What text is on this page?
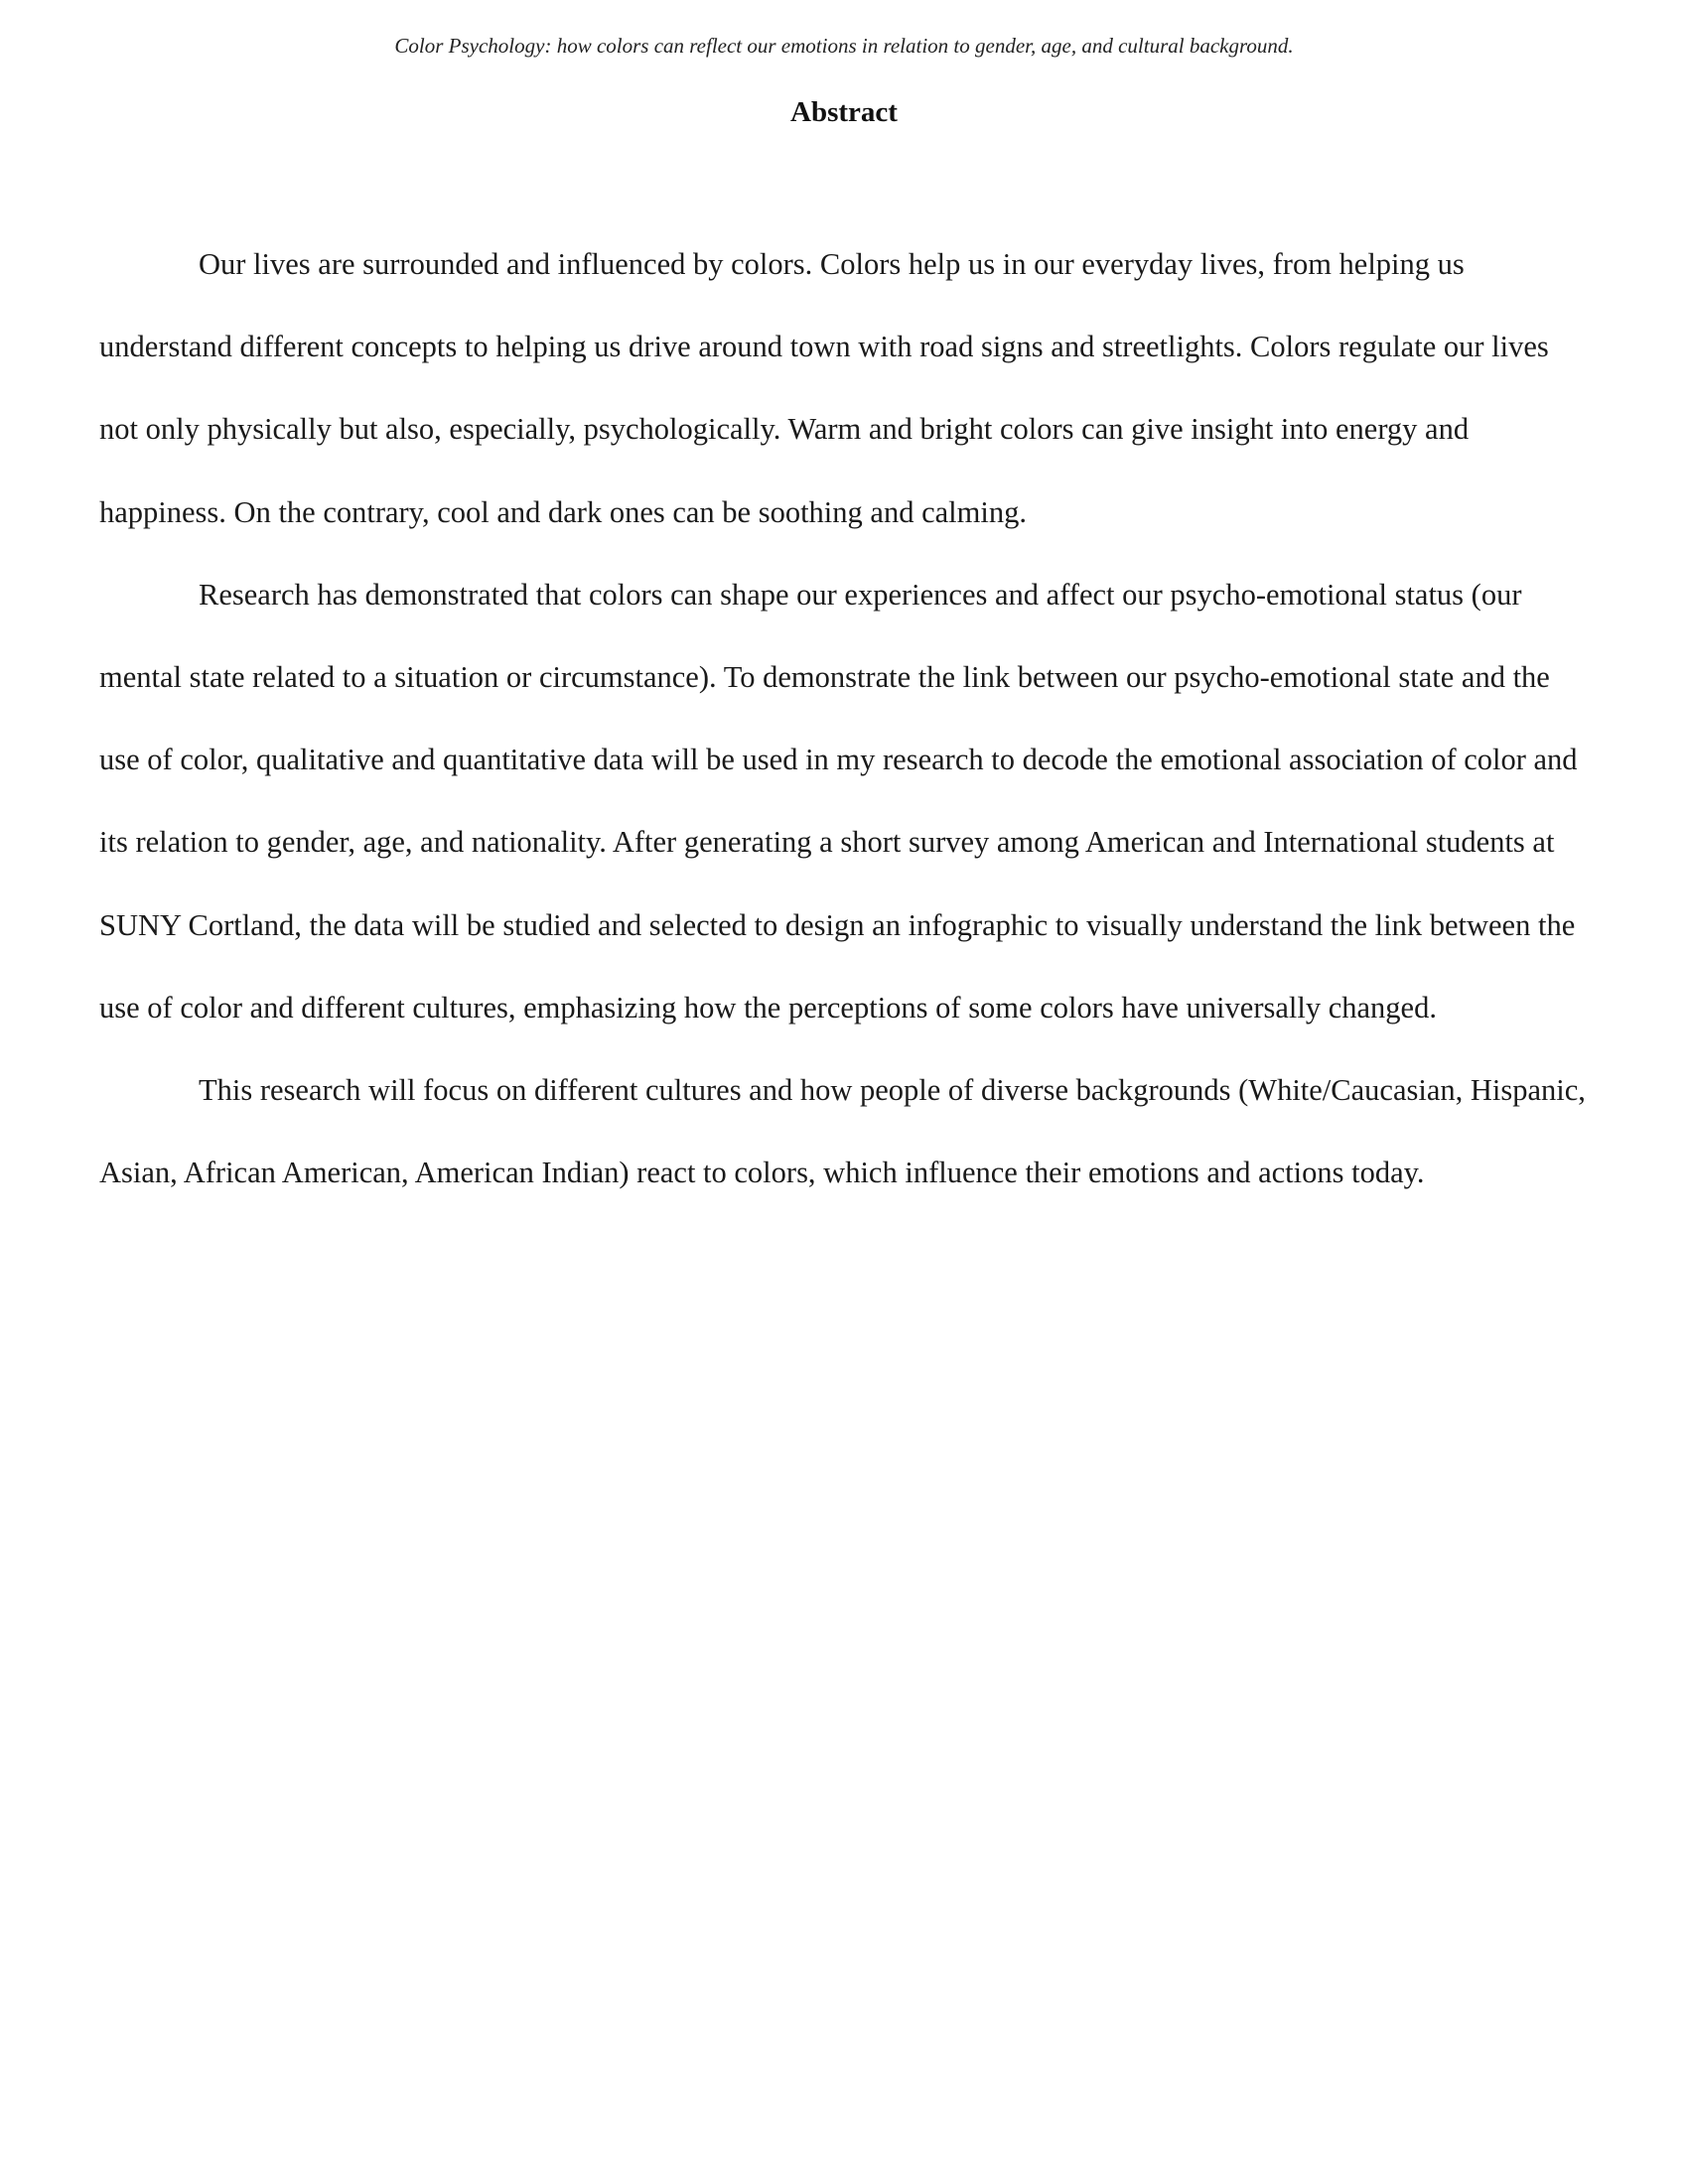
Color Psychology: how colors can reflect our emotions in relation to gender, age, and cultural background.
Abstract

Our lives are surrounded and influenced by colors. Colors help us in our everyday lives, from helping us understand different concepts to helping us drive around town with road signs and streetlights. Colors regulate our lives not only physically but also, especially, psychologically. Warm and bright colors can give insight into energy and happiness. On the contrary, cool and dark ones can be soothing and calming.

Research has demonstrated that colors can shape our experiences and affect our psycho-emotional status (our mental state related to a situation or circumstance). To demonstrate the link between our psycho-emotional state and the use of color, qualitative and quantitative data will be used in my research to decode the emotional association of color and its relation to gender, age, and nationality. After generating a short survey among American and International students at SUNY Cortland, the data will be studied and selected to design an infographic to visually understand the link between the use of color and different cultures, emphasizing how the perceptions of some colors have universally changed.

This research will focus on different cultures and how people of diverse backgrounds (White/Caucasian, Hispanic, Asian, African American, American Indian) react to colors, which influence their emotions and actions today.
